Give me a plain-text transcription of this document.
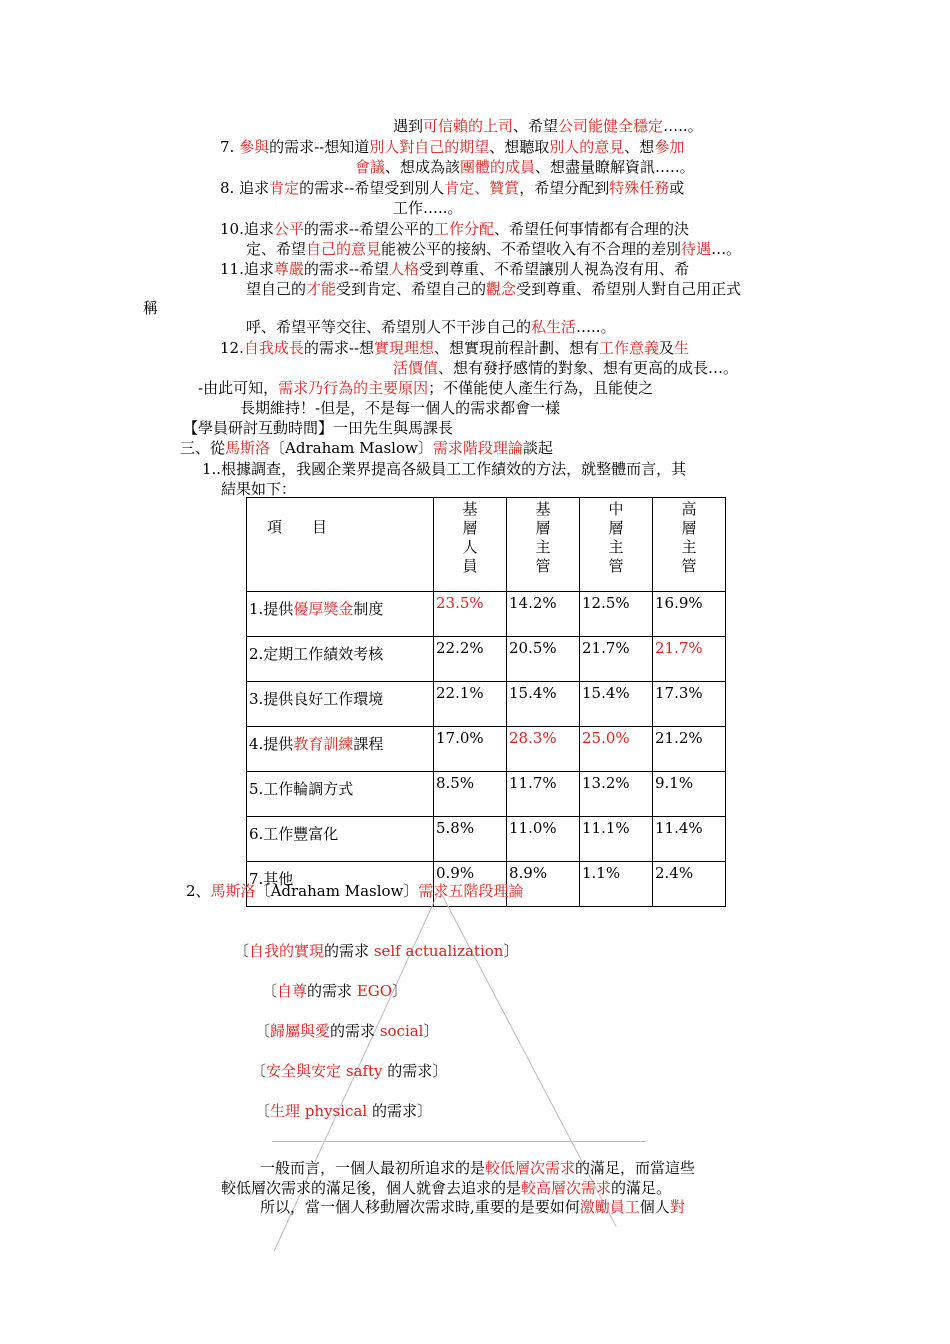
遇到可信賴的上司、希望公司能健全穩定…..。
7. 參與的需求--想知道別人對自己的期望、想聽取別人的意見、想參加
會議、想成為該團體的成員、想盡量瞭解資訊…..。
8. 追求肯定的需求--希望受到別人肯定、贊賞，希望分配到特殊任務或
工作…..。
10.追求公平的需求--希望公平的工作分配、希望任何事情都有合理的決
定、希望自己的意見能被公平的接納、不希望收入有不合理的差別待遇…。
11.追求尊嚴的需求--希望人格受到尊重、不希望讓別人視為沒有用、希
望自己的才能受到肯定、希望自己的觀念受到尊重、希望別人對自己用正式
稱
呼、希望平等交往、希望別人不干涉自己的私生活…..。
12.自我成長的需求--想實現理想、想實現前程計劃、想有工作意義及生
活價值、想有發抒感情的對象、想有更高的成長…。
-由此可知，需求乃行為的主要原因；不僅能使人產生行為，且能使之
長期維持！-但是，不是每一個人的需求都會一樣
【學員研討互動時間】一田先生與馬課長
三、從馬斯洛〔Adraham Maslow〕需求階段理論談起
1..根據調查，我國企業界提高各級員工工作績效的方法，就整體而言，其
結果如下：
項　　目	基
層
人
員	基
層
主
管	中
層
主
管	高
層
主
管

1.提供優厚獎金制度	23.5%	14.2%	12.5%	16.9%
2.定期工作績效考核	22.2%	20.5%	21.7%	21.7%
3.提供良好工作環境	22.1%	15.4%	15.4%	17.3%
4.提供教育訓練課程	17.0%	28.3%	25.0%	21.2%
5.工作輪調方式	8.5%	11.7%	13.2%	9.1%
6.工作豐富化	5.8%	11.0%	11.1%	11.4%
7.其他	0.9%	8.9%	1.1%	2.4%
2、馬斯洛〔Adraham Maslow〕需求五階段理論
〔自我的實現的需求 self actualization〕
〔自尊的需求 EGO〕
〔歸屬與愛的需求 social〕
〔安全與安定 safty 的需求〕
〔生理 physical 的需求〕
一般而言，一個人最初所追求的是較低層次需求的滿足，而當這些
較低層次需求的滿足後，個人就會去追求的是較高層次需求的滿足。
所以，當一個人移動層次需求時,重要的是要如何激勵員工個人對
